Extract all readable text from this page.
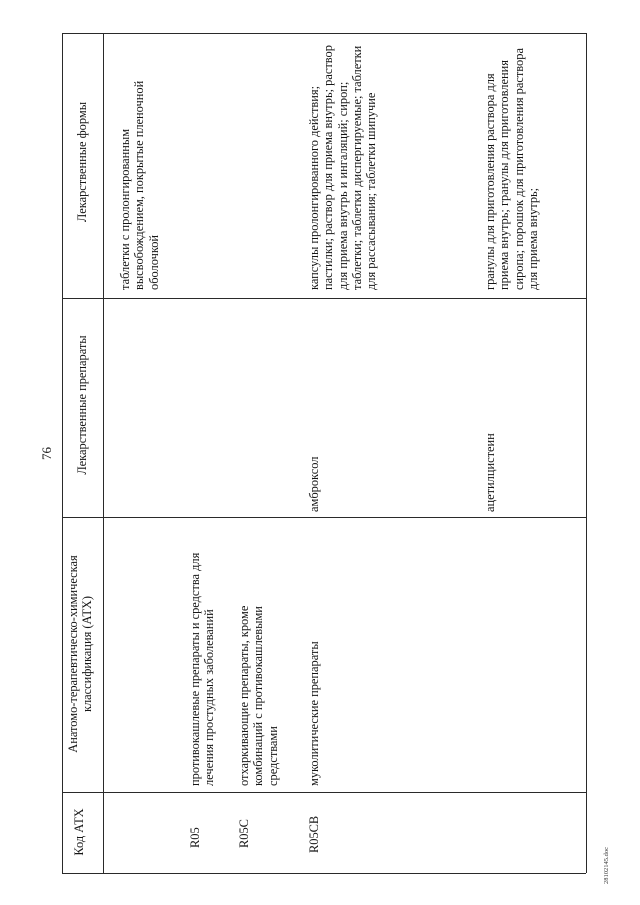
76
Код АТХ
Анатомо-терапевтическо-химическая классификация (АТХ)
Лекарственные препараты
Лекарственные формы таблетки с пролонгированным высвобождением, покрытые пленочной оболочкой
R05
противокашлевые препараты и средства для лечения простудных заболеваний
R05C
отхаркивающие препараты, кроме комбинаций с противокашлевыми средствами
R05CB
муколитические препараты
амброксол
капсулы пролонгированного действия; пастилки; раствор для приема внутрь; раствор для приема внутрь и ингаляций; сироп; таблетки; таблетки диспергируемые; таблетки для рассасывания; таблетки шипучие
ацетилцистеин
гранулы для приготовления раствора для приема внутрь; гранулы для приготовления сиропа; порошок для приготовления раствора для приема внутрь;
28102145.doc
